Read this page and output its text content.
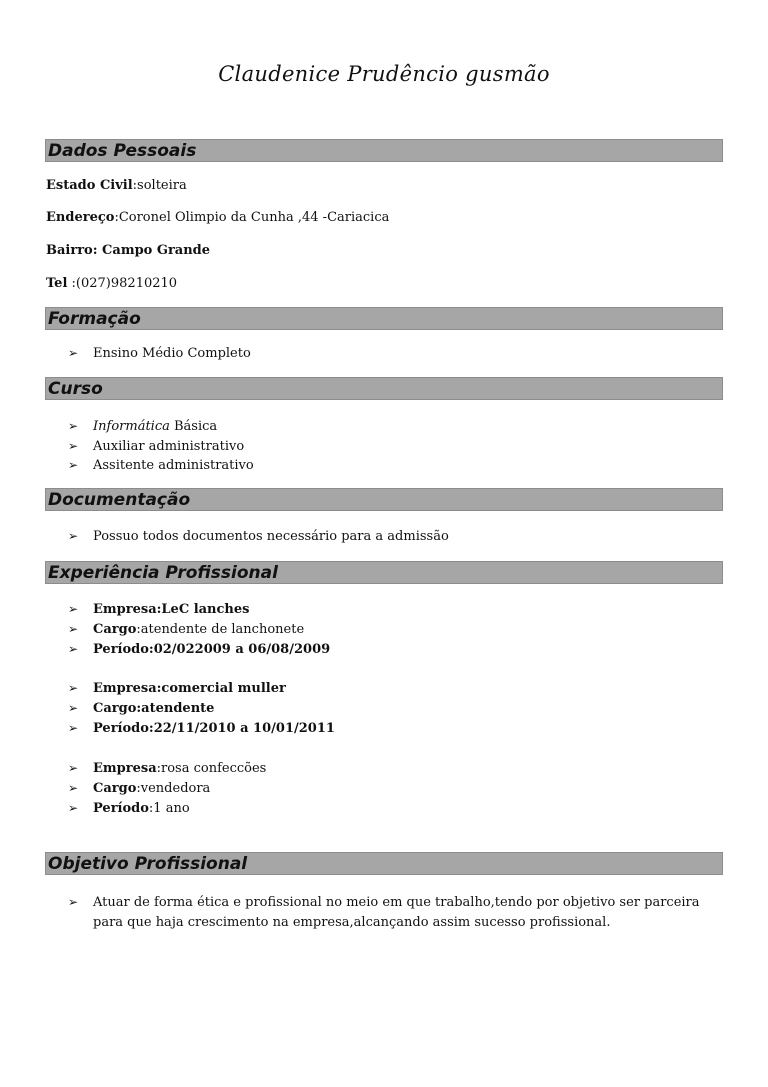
Claudenice Prudêncio gusmão
Dados Pessoais
Estado Civil:solteira
Endereço:Coronel Olimpio da Cunha ,44 -Cariacica
Bairro: Campo Grande
Tel :(027)98210210
Formação
➢ Ensino Médio Completo
Curso
➢ Informática Básica
➢ Auxiliar administrativo
➢ Assitente administrativo
Documentação
➢ Possuo todos documentos necessário para a admissão
Experiência Profissional
➢ Empresa:LeC lanches
➢ Cargo:atendente de lanchonete
➢ Período:02/022009 a 06/08/2009
➢ Empresa:comercial muller
➢ Cargo:atendente
➢ Período:22/11/2010 a 10/01/2011
➢ Empresa:rosa confeccões
➢ Cargo:vendedora
➢ Período:1 ano
Objetivo Profissional
➢ Atuar de forma ética e profissional no meio em que trabalho,tendo por objetivo ser parceira para que haja crescimento na empresa,alcançando assim sucesso profissional.
